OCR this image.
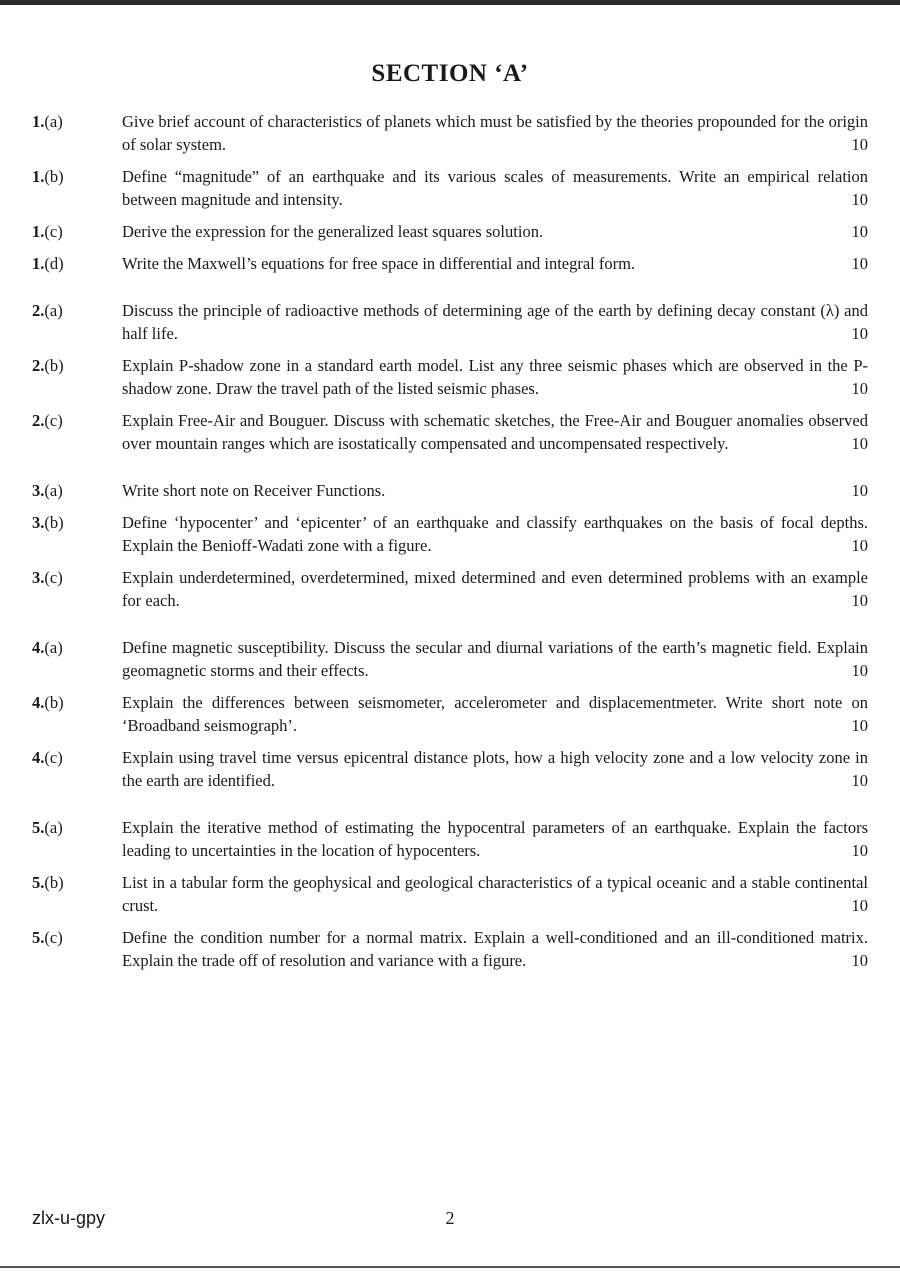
SECTION ‘A’
1.(a)	Give brief account of characteristics of planets which must be satisfied by the theories propounded for the origin of solar system.	10
1.(b)	Define “magnitude” of an earthquake and its various scales of measurements. Write an empirical relation between magnitude and intensity.	10
1.(c)	Derive the expression for the generalized least squares solution.	10
1.(d)	Write the Maxwell’s equations for free space in differential and integral form.	10
2.(a)	Discuss the principle of radioactive methods of determining age of the earth by defining decay constant (λ) and half life.	10
2.(b)	Explain P-shadow zone in a standard earth model. List any three seismic phases which are observed in the P-shadow zone. Draw the travel path of the listed seismic phases.	10
2.(c)	Explain Free-Air and Bouguer. Discuss with schematic sketches, the Free-Air and Bouguer anomalies observed over mountain ranges which are isostatically compensated and uncompensated respectively.	10
3.(a)	Write short note on Receiver Functions.	10
3.(b)	Define ‘hypocenter’ and ‘epicenter’ of an earthquake and classify earthquakes on the basis of focal depths. Explain the Benioff-Wadati zone with a figure.	10
3.(c)	Explain underdetermined, overdetermined, mixed determined and even determined problems with an example for each.	10
4.(a)	Define magnetic susceptibility. Discuss the secular and diurnal variations of the earth’s magnetic field. Explain geomagnetic storms and their effects.	10
4.(b)	Explain the differences between seismometer, accelerometer and displacementmeter. Write short note on ‘Broadband seismograph’.	10
4.(c)	Explain using travel time versus epicentral distance plots, how a high velocity zone and a low velocity zone in the earth are identified.	10
5.(a)	Explain the iterative method of estimating the hypocentral parameters of an earthquake. Explain the factors leading to uncertainties in the location of hypocenters.	10
5.(b)	List in a tabular form the geophysical and geological characteristics of a typical oceanic and a stable continental crust.	10
5.(c)	Define the condition number for a normal matrix. Explain a well-conditioned and an ill-conditioned matrix. Explain the trade off of resolution and variance with a figure.	10
zlx-u-gpy	2
